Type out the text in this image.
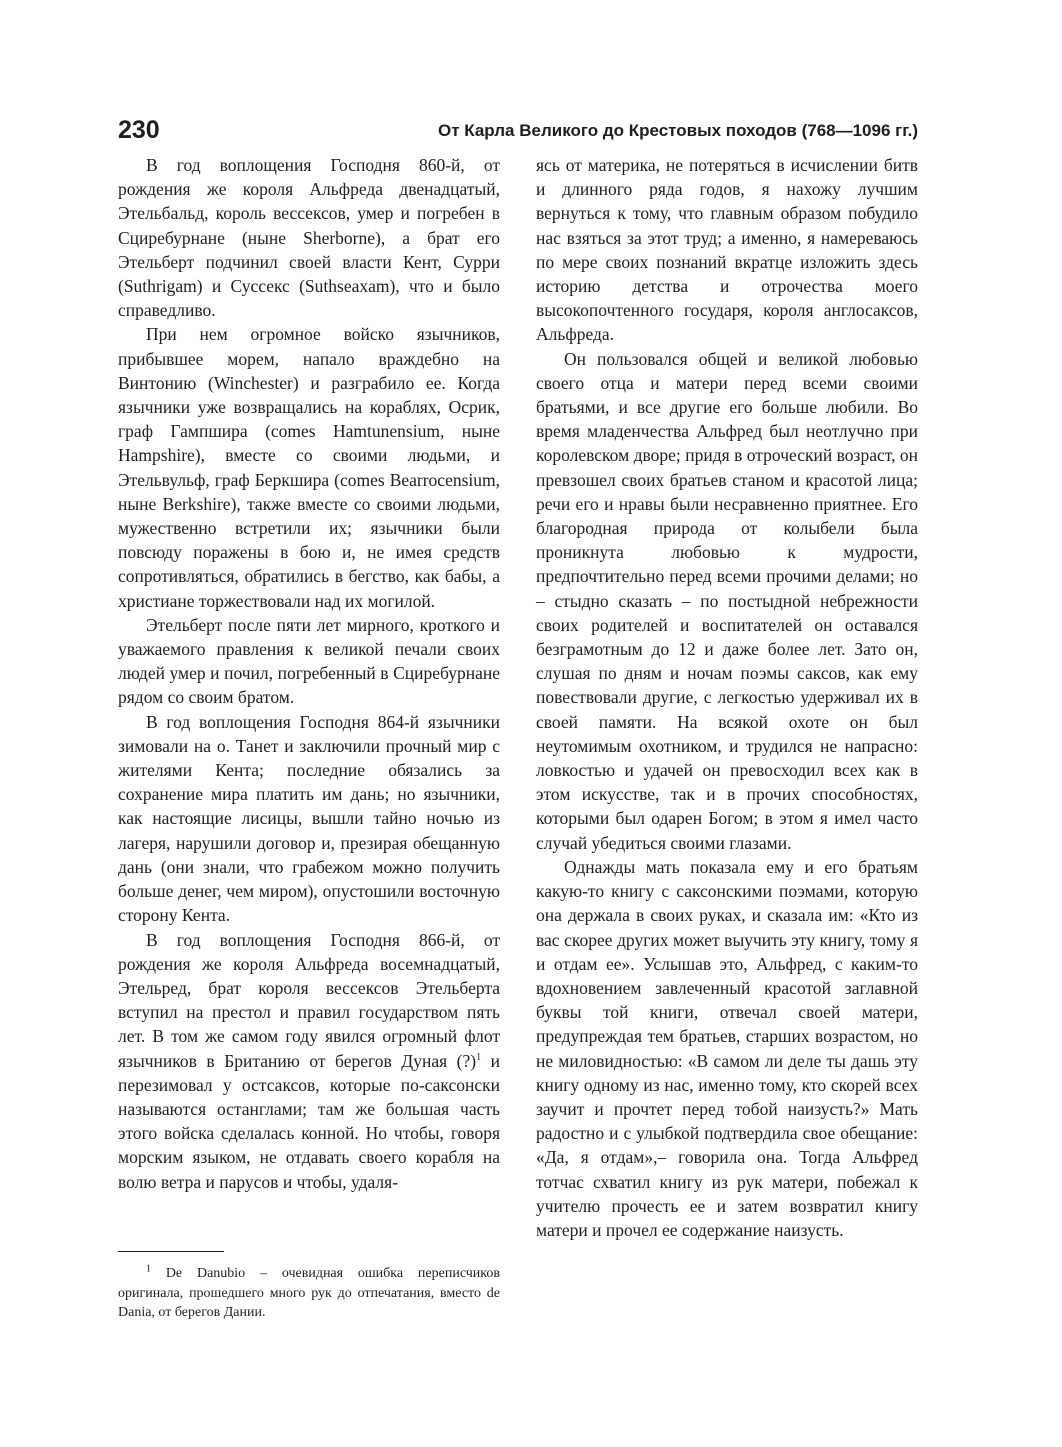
230	От Карла Великого до Крестовых походов (768—1096 гг.)

В год воплощения Господня 860-й, от рождения же короля Альфреда двенадцатый, Этельбальд, король вессексов, умер и погребен в Сциребурнане (ныне Sherborne), а брат его Этельберт подчинил своей власти Кент, Сурри (Suthrigam) и Суссекс (Suthseaxam), что и было справедливо.

При нем огромное войско язычников, прибывшее морем, напало враждебно на Винтонию (Winchester) и разграбило ее. Когда язычники уже возвращались на кораблях, Осрик, граф Гампшира (comes Hamtunensium, ныне Hampshire), вместе со своими людьми, и Этельвульф, граф Беркшира (comes Bearrocensium, ныне Berkshire), также вместе со своими людьми, мужественно встретили их; язычники были повсюду поражены в бою и, не имея средств сопротивляться, обратились в бегство, как бабы, а христиане торжествовали над их могилой.

Этельберт после пяти лет мирного, кроткого и уважаемого правления к великой печали своих людей умер и почил, погребенный в Сциребурнане рядом со своим братом.

В год воплощения Господня 864-й язычники зимовали на о. Танет и заключили прочный мир с жителями Кента; последние обязались за сохранение мира платить им дань; но язычники, как настоящие лисицы, вышли тайно ночью из лагеря, нарушили договор и, презирая обещанную дань (они знали, что грабежом можно получить больше денег, чем миром), опустошили восточную сторону Кента.

В год воплощения Господня 866-й, от рождения же короля Альфреда восемнадцатый, Этельред, брат короля вессексов Этельберта вступил на престол и правил государством пять лет. В том же самом году явился огромный флот язычников в Британию от берегов Дуная (?)$^1$ и перезимовал у остсаксов, которые по-саксонски называются останглами; там же большая часть этого войска сделалась конной. Но чтобы, говоря морским языком, не отдавать своего корабля на волю ветра и парусов и чтобы, удаля-

ясь от материка, не потеряться в исчислении битв и длинного ряда годов, я нахожу лучшим вернуться к тому, что главным образом побудило нас взяться за этот труд; а именно, я намереваюсь по мере своих познаний вкратце изложить здесь историю детства и отрочества моего высокопочтенного государя, короля англосаксов, Альфреда.

Он пользовался общей и великой любовью своего отца и матери перед всеми своими братьями, и все другие его больше любили. Во время младенчества Альфред был неотлучно при королевском дворе; придя в отроческий возраст, он превзошел своих братьев станом и красотой лица; речи его и нравы были несравненно приятнее. Его благородная природа от колыбели была проникнута любовью к мудрости, предпочтительно перед всеми прочими делами; но – стыдно сказать – по постыдной небрежности своих родителей и воспитателей он оставался безграмотным до 12 и даже более лет. Зато он, слушая по дням и ночам поэмы саксов, как ему повествовали другие, с легкостью удерживал их в своей памяти. На всякой охоте он был неутомимым охотником, и трудился не напрасно: ловкостью и удачей он превосходил всех как в этом искусстве, так и в прочих способностях, которыми был одарен Богом; в этом я имел часто случай убедиться своими глазами.

Однажды мать показала ему и его братьям какую-то книгу с саксонскими поэмами, которую она держала в своих руках, и сказала им: «Кто из вас скорее других может выучить эту книгу, тому я и отдам ее». Услышав это, Альфред, с каким-то вдохновением завлеченный красотой заглавной буквы той книги, отвечал своей матери, предупреждая тем братьев, старших возрастом, но не миловидностью: «В самом ли деле ты дашь эту книгу одному из нас, именно тому, кто скорей всех заучит и прочтет перед тобой наизусть?» Мать радостно и с улыбкой подтвердила свое обещание: «Да, я отдам»,– говорила она. Тогда Альфред тотчас схватил книгу из рук матери, побежал к учителю прочесть ее и затем возвратил книгу матери и прочел ее содержание наизусть.

$^1$ De Danubio – очевидная ошибка переписчиков оригинала, прошедшего много рук до отпечатания, вместо de Dania, от берегов Дании.
